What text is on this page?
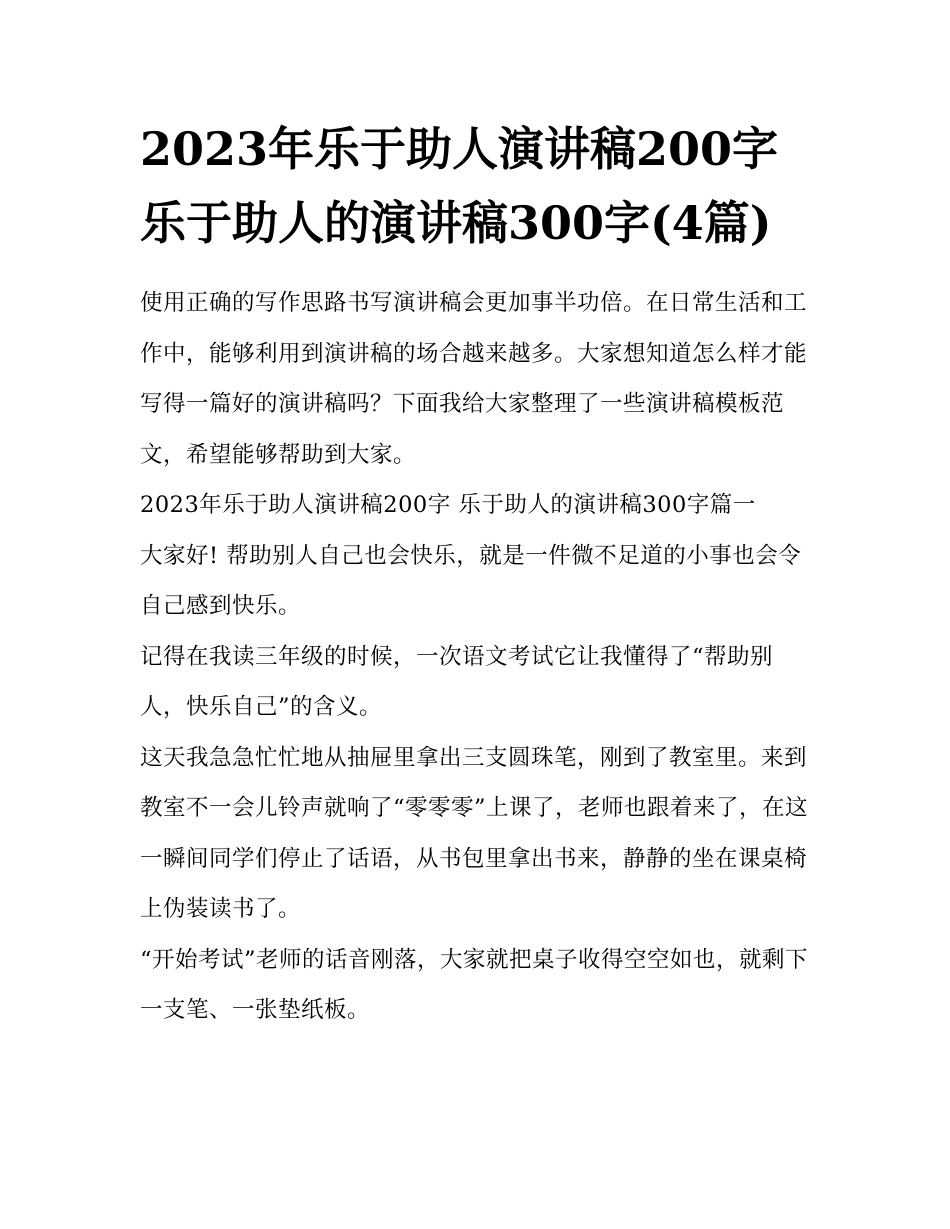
2023年乐于助人演讲稿200字 乐于助人的演讲稿300字(4篇)

使用正确的写作思路书写演讲稿会更加事半功倍。在日常生活和工作中，能够利用到演讲稿的场合越来越多。大家想知道怎么样才能写得一篇好的演讲稿吗？下面我给大家整理了一些演讲稿模板范文，希望能够帮助到大家。

2023年乐于助人演讲稿200字 乐于助人的演讲稿300字篇一

大家好! 帮助别人自己也会快乐，就是一件微不足道的小事也会令自己感到快乐。

记得在我读三年级的时候，一次语文考试它让我懂得了“帮助别人，快乐自己”的含义。

这天我急急忙忙地从抽屉里拿出三支圆珠笔，刚到了教室里。来到教室不一会儿铃声就响了“零零零”上课了，老师也跟着来了，在这一瞬间同学们停止了话语，从书包里拿出书来，静静的坐在课桌椅上伪装读书了。

“开始考试”老师的话音刚落，大家就把桌子收得空空如也，就剩下一支笔、一张垫纸板。
